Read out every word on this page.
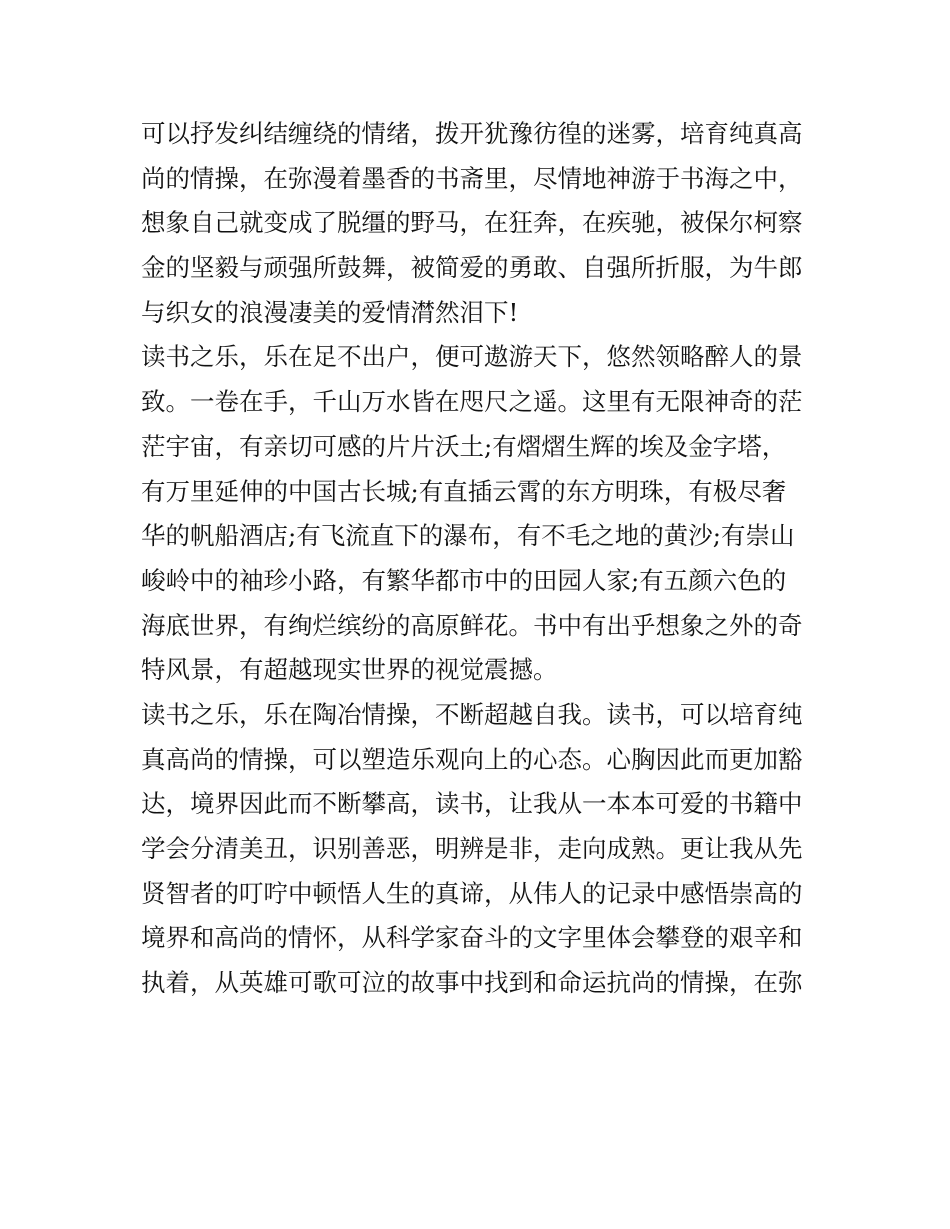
可以抒发纠结缠绕的情绪，拨开犹豫彷徨的迷雾，培育纯真高
尚的情操，在弥漫着墨香的书斋里，尽情地神游于书海之中，
想象自己就变成了脱缰的野马，在狂奔，在疾驰，被保尔柯察
金的坚毅与顽强所鼓舞，被简爱的勇敢、自强所折服，为牛郎
与织女的浪漫凄美的爱情潸然泪下!
读书之乐，乐在足不出户，便可遨游天下，悠然领略醉人的景
致。一卷在手，千山万水皆在咫尺之遥。这里有无限神奇的茫
茫宇宙，有亲切可感的片片沃土;有熠熠生辉的埃及金字塔，
有万里延伸的中国古长城;有直插云霄的东方明珠，有极尽奢
华的帆船酒店;有飞流直下的瀑布，有不毛之地的黄沙;有崇山
峻岭中的袖珍小路，有繁华都市中的田园人家;有五颜六色的
海底世界，有绚烂缤纷的高原鲜花。书中有出乎想象之外的奇
特风景，有超越现实世界的视觉震撼。
读书之乐，乐在陶冶情操，不断超越自我。读书，可以培育纯
真高尚的情操，可以塑造乐观向上的心态。心胸因此而更加豁
达，境界因此而不断攀高，读书，让我从一本本可爱的书籍中
学会分清美丑，识别善恶，明辨是非，走向成熟。更让我从先
贤智者的叮咛中顿悟人生的真谛，从伟人的记录中感悟崇高的
境界和高尚的情怀，从科学家奋斗的文字里体会攀登的艰辛和
执着，从英雄可歌可泣的故事中找到和命运抗尚的情操，在弥
